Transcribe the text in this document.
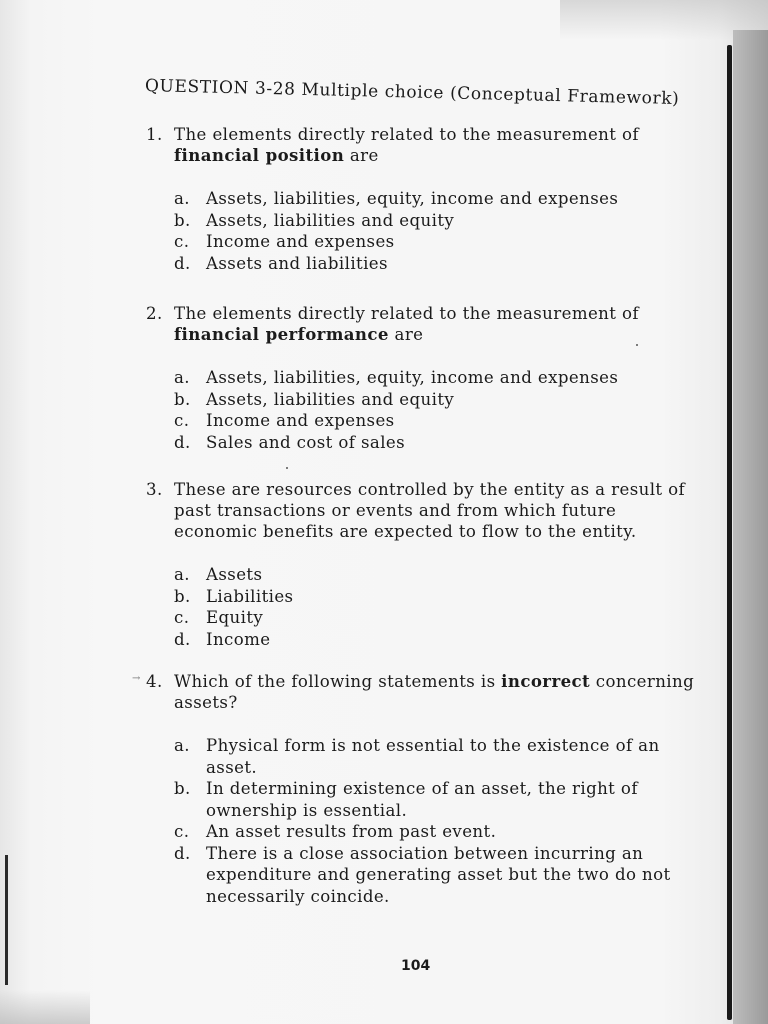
QUESTION 3-28 Multiple choice (Conceptual Framework)
1. The elements directly related to the measurement of financial position are
a. Assets, liabilities, equity, income and expenses
b. Assets, liabilities and equity
c. Income and expenses
d. Assets and liabilities
2. The elements directly related to the measurement of financial performance are
a. Assets, liabilities, equity, income and expenses
b. Assets, liabilities and equity
c. Income and expenses
d. Sales and cost of sales
3. These are resources controlled by the entity as a result of past transactions or events and from which future economic benefits are expected to flow to the entity.
a. Assets
b. Liabilities
c. Equity
d. Income
4. Which of the following statements is incorrect concerning assets?
a. Physical form is not essential to the existence of an asset.
b. In determining existence of an asset, the right of ownership is essential.
c. An asset results from past event.
d. There is a close association between incurring an expenditure and generating asset but the two do not necessarily coincide.
→
104
